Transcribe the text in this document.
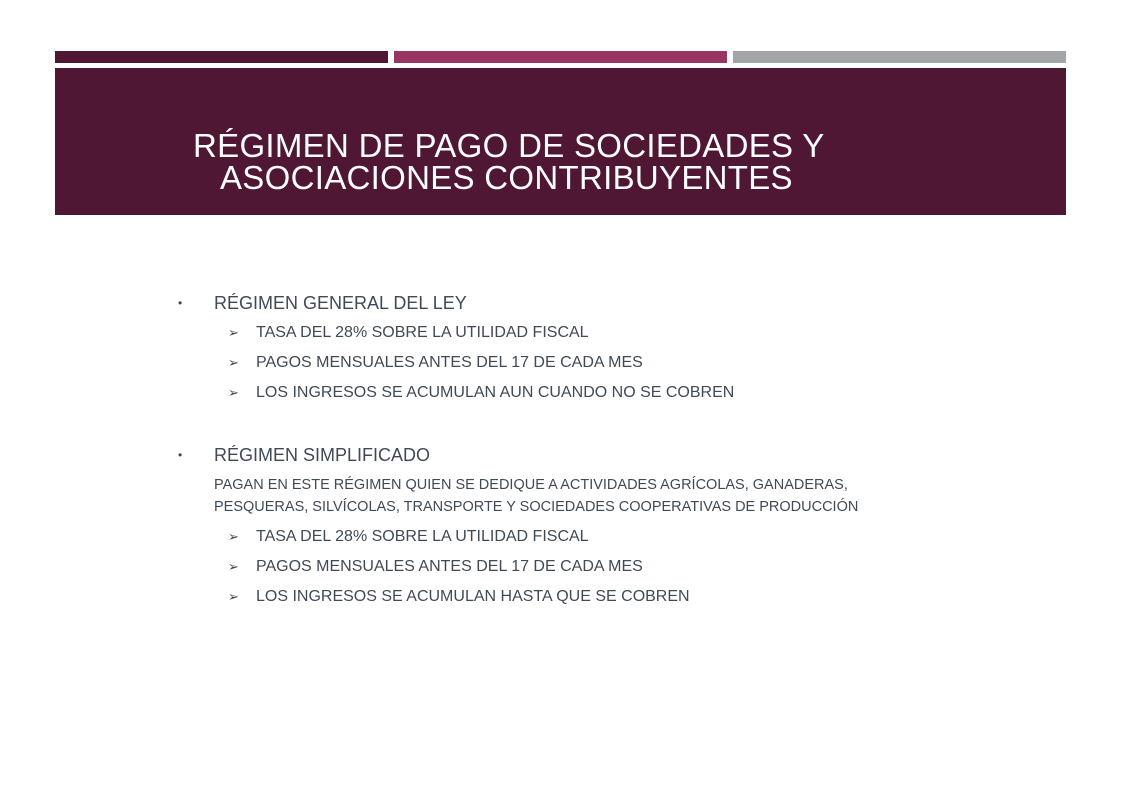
RÉGIMEN DE PAGO DE SOCIEDADES Y
ASOCIACIONES CONTRIBUYENTES
• RÉGIMEN GENERAL DEL LEY
➢ TASA DEL 28% SOBRE LA UTILIDAD FISCAL
➢ PAGOS MENSUALES ANTES DEL 17 DE CADA MES
➢ LOS INGRESOS SE ACUMULAN AUN CUANDO NO SE COBREN
• RÉGIMEN SIMPLIFICADO
PAGAN EN ESTE RÉGIMEN QUIEN SE DEDIQUE A ACTIVIDADES AGRÍCOLAS, GANADERAS, PESQUERAS, SILVÍCOLAS, TRANSPORTE Y SOCIEDADES COOPERATIVAS DE PRODUCCIÓN
➢ TASA DEL 28% SOBRE LA UTILIDAD FISCAL
➢ PAGOS MENSUALES ANTES DEL 17 DE CADA MES
➢ LOS INGRESOS SE ACUMULAN HASTA QUE SE COBREN
